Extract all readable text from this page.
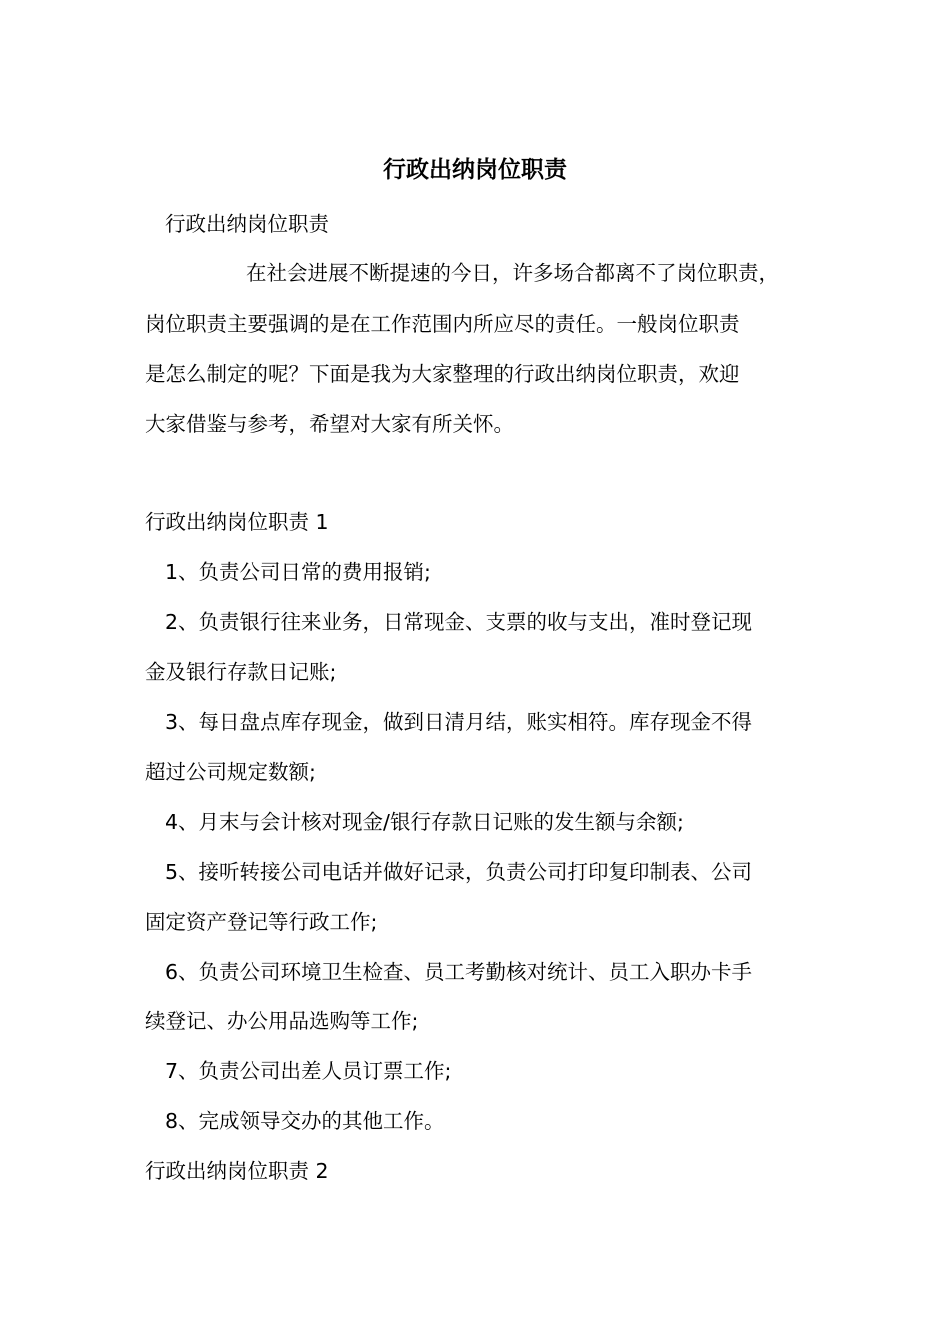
行政出纳岗位职责
行政出纳岗位职责
在社会进展不断提速的今日，许多场合都离不了岗位职责，
岗位职责主要强调的是在工作范围内所应尽的责任。一般岗位职责
是怎么制定的呢？下面是我为大家整理的行政出纳岗位职责，欢迎
大家借鉴与参考，希望对大家有所关怀。
行政出纳岗位职责 1
1、负责公司日常的费用报销;
2、负责银行往来业务，日常现金、支票的收与支出，准时登记现
金及银行存款日记账;
3、每日盘点库存现金，做到日清月结，账实相符。库存现金不得
超过公司规定数额;
4、月末与会计核对现金/银行存款日记账的发生额与余额;
5、接听转接公司电话并做好记录，负责公司打印复印制表、公司
固定资产登记等行政工作;
6、负责公司环境卫生检查、员工考勤核对统计、员工入职办卡手
续登记、办公用品选购等工作;
7、负责公司出差人员订票工作;
8、完成领导交办的其他工作。
行政出纳岗位职责 2
